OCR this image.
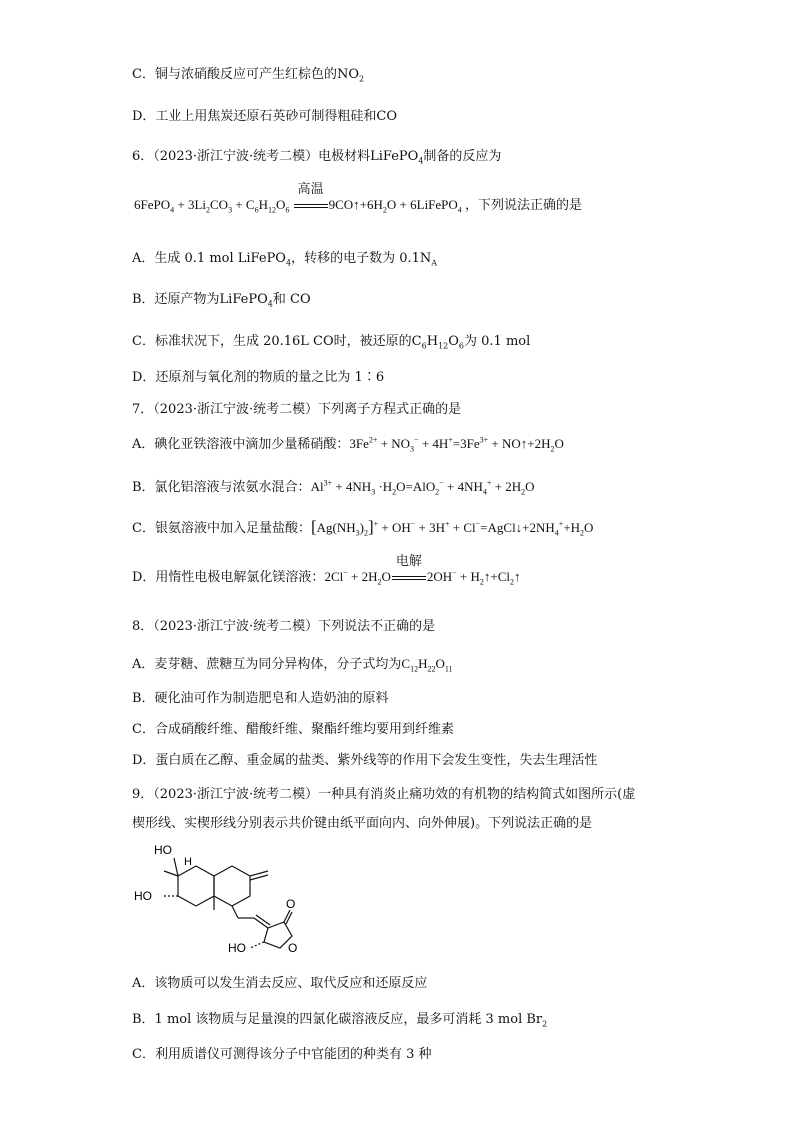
C．铜与浓硝酸反应可产生红棕色的$NO_2$
D．工业上用焦炭还原石英砂可制得粗硅和CO
6．（2023·浙江宁波·统考二模）电极材料LiFePO$_4$制备的反应为
6FePO$_4$ + $3Li_2CO_3 + C_6H_{12}O_6$
高温
$9CO↑+6H_2O$ + 6LiFePO$_4$ ，下列说法正确的是
A．生成 0.1 mol LiFePO$_4$，转移的电子数为 $0.1N_A$
B．还原产物为LiFePO$_4$和 CO
C．标准状况下，生成 20.16L CO时，被还原的$C_6H_{12}O_6$为 0.1 mol
D．还原剂与氧化剂的物质的量之比为 1∶6
7．（2023·浙江宁波·统考二模）下列离子方程式正确的是
A．碘化亚铁溶液中滴加少量稀硝酸：$3Fe^{2+} + NO_3^- + 4H^+=3Fe^{3+}$ + $NO↑+2H_2O$
B．氯化铝溶液与浓氨水混合：$Al^{3+} + 4NH_3 \cdot H_2O=AlO_2^- + 4NH_4^+ + 2H_2O$
C．银氨溶液中加入足量盐酸：$[Ag(NH_3)_2]^+ + OH^- + 3H^+$ + $Cl^-=AgCl↓+2NH_4^++H_2O$
D．用惰性电极电解氯化镁溶液：$2Cl^- + 2H_2O$
电解
$2OH^- + H_2↑+Cl_2↑$
8．（2023·浙江宁波·统考二模）下列说法不正确的是
A．麦芽糖、蔗糖互为同分异构体，分子式均为$C_{12}H_{22}O_{11}$
B．硬化油可作为制造肥皂和人造奶油的原料
C．合成硝酸纤维、醋酸纤维、聚酯纤维均要用到纤维素
D．蛋白质在乙醇、重金属的盐类、紫外线等的作用下会发生变性，失去生理活性
9．（2023·浙江宁波·统考二模）一种具有消炎止痛功效的有机物的结构简式如图所示(虚
楔形线、实楔形线分别表示共价键由纸平面向内、向外伸展)。下列说法正确的是
HO
H
HO
O
HO	O
A．该物质可以发生消去反应、取代反应和还原反应
B．1 mol 该物质与足量溴的四氯化碳溶液反应，最多可消耗 3 mol $Br_2$
C．利用质谱仪可测得该分子中官能团的种类有 3 种
